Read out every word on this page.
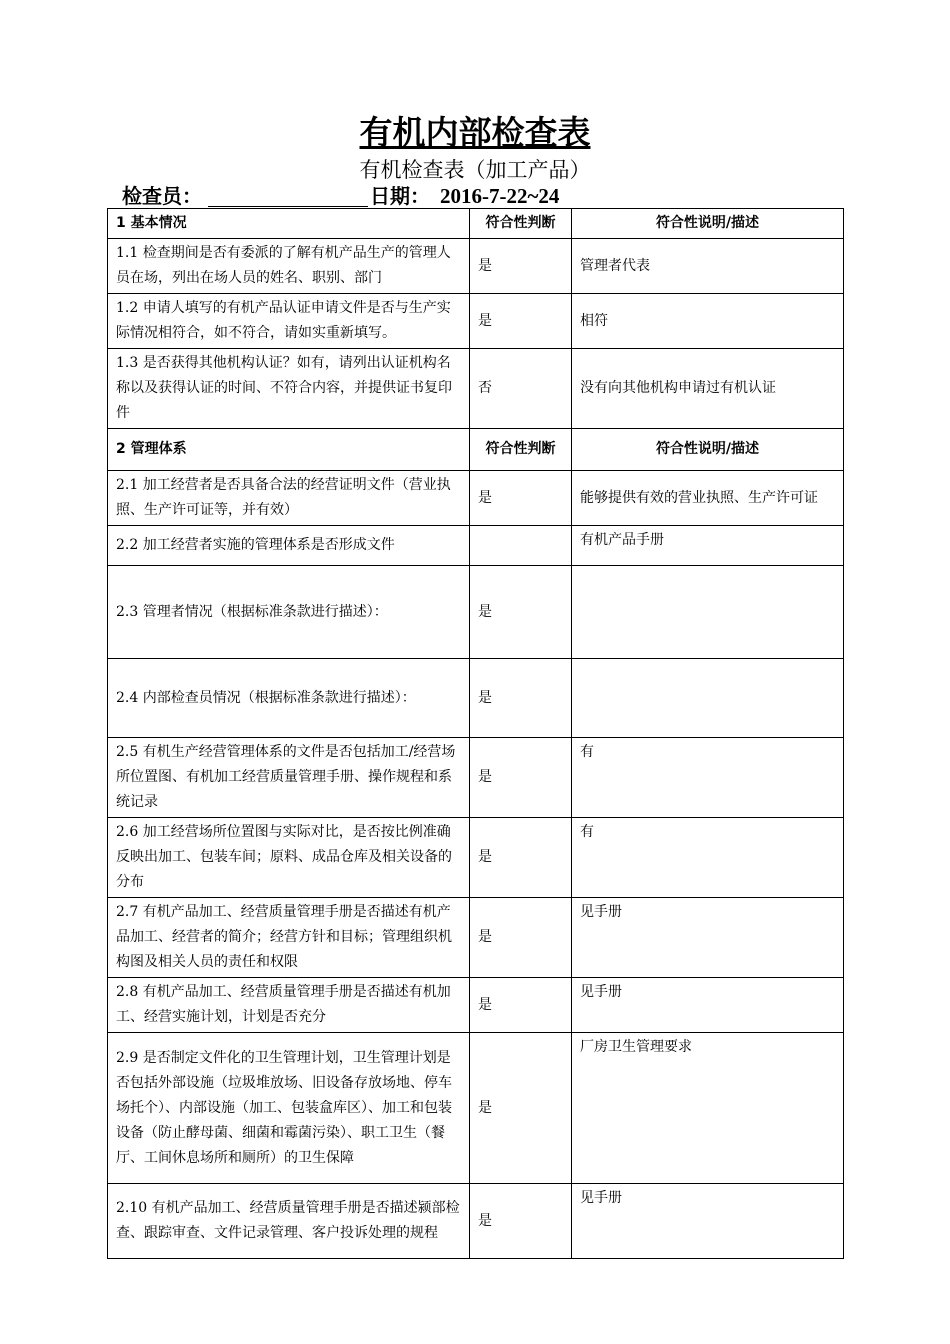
有机内部检查表
有机检查表（加工产品）
检查员：	日期： 2016-7-22~24
1 基本情况	符合性判断	符合性说明/描述
1.1 检查期间是否有委派的了解有机产品生产的管理人员在场，列出在场人员的姓名、职别、部门	是	管理者代表
1.2 申请人填写的有机产品认证申请文件是否与生产实际情况相符合，如不符合，请如实重新填写。	是	相符
1.3 是否获得其他机构认证？如有，请列出认证机构名称以及获得认证的时间、不符合内容，并提供证书复印件	否	没有向其他机构申请过有机认证
2 管理体系	符合性判断	符合性说明/描述
2.1 加工经营者是否具备合法的经营证明文件（营业执照、生产许可证等，并有效）	是	能够提供有效的营业执照、生产许可证
2.2 加工经营者实施的管理体系是否形成文件		有机产品手册
2.3 管理者情况（根据标准条款进行描述）：	是	
2.4 内部检查员情况（根据标准条款进行描述）：	是	
2.5 有机生产经营管理体系的文件是否包括加工/经营场所位置图、有机加工经营质量管理手册、操作规程和系统记录	是	有
2.6 加工经营场所位置图与实际对比，是否按比例准确反映出加工、包装车间；原料、成品仓库及相关设备的分布	是	有
2.7 有机产品加工、经营质量管理手册是否描述有机产品加工、经营者的简介；经营方针和目标；管理组织机构图及相关人员的责任和权限	是	见手册
2.8 有机产品加工、经营质量管理手册是否描述有机加工、经营实施计划，计划是否充分	是	见手册
2.9 是否制定文件化的卫生管理计划，卫生管理计划是否包括外部设施（垃圾堆放场、旧设备存放场地、停车场托个）、内部设施（加工、包装盒库区）、加工和包装设备（防止酵母菌、细菌和霉菌污染）、职工卫生（餐厅、工间休息场所和厕所）的卫生保障	是	厂房卫生管理要求
2.10 有机产品加工、经营质量管理手册是否描述颍部检查、跟踪审查、文件记录管理、客户投诉处理的规程	是	见手册
